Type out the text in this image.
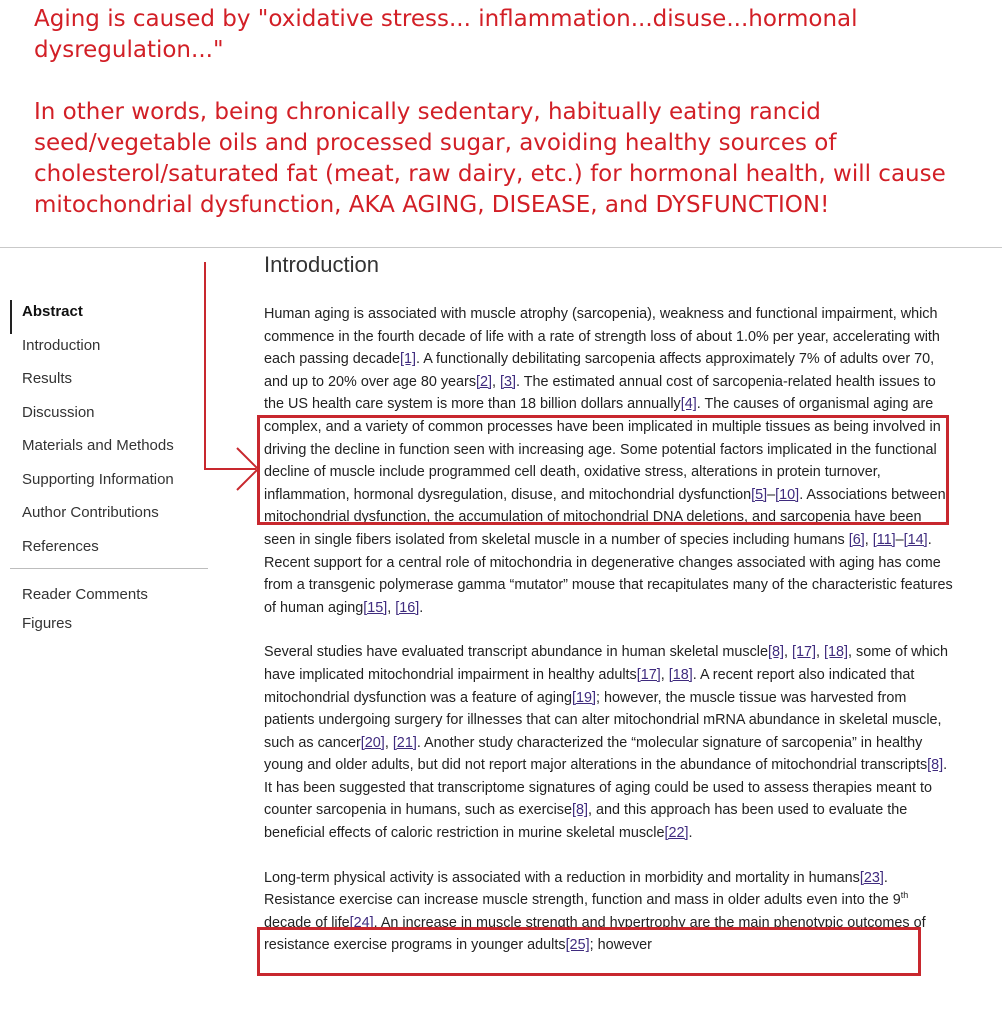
Aging is caused by "oxidative stress... inflammation...disuse...hormonal dysregulation..."

In other words, being chronically sedentary, habitually eating rancid seed/vegetable oils and processed sugar, avoiding healthy sources of cholesterol/saturated fat (meat, raw dairy, etc.) for hormonal health, will cause mitochondrial dysfunction, AKA AGING, DISEASE, and DYSFUNCTION!

Abstract
Introduction
Results
Discussion
Materials and Methods
Supporting Information
Author Contributions
References
Reader Comments
Figures
Introduction

Human aging is associated with muscle atrophy (sarcopenia), weakness and functional impairment, which commence in the fourth decade of life with a rate of strength loss of about 1.0% per year, accelerating with each passing decade[1]. A functionally debilitating sarcopenia affects approximately 7% of adults over 70, and up to 20% over age 80 years[2], [3]. The estimated annual cost of sarcopenia-related health issues to the US health care system is more than 18 billion dollars annually[4]. The causes of organismal aging are complex, and a variety of common processes have been implicated in multiple tissues as being involved in driving the decline in function seen with increasing age. Some potential factors implicated in the functional decline of muscle include programmed cell death, oxidative stress, alterations in protein turnover, inflammation, hormonal dysregulation, disuse, and mitochondrial dysfunction[5]–[10]. Associations between mitochondrial dysfunction, the accumulation of mitochondrial DNA deletions, and sarcopenia have been seen in single fibers isolated from skeletal muscle in a number of species including humans [6], [11]–[14]. Recent support for a central role of mitochondria in degenerative changes associated with aging has come from a transgenic polymerase gamma “mutator” mouse that recapitulates many of the characteristic features of human aging[15], [16].

Several studies have evaluated transcript abundance in human skeletal muscle[8], [17], [18], some of which have implicated mitochondrial impairment in healthy adults[17], [18]. A recent report also indicated that mitochondrial dysfunction was a feature of aging[19]; however, the muscle tissue was harvested from patients undergoing surgery for illnesses that can alter mitochondrial mRNA abundance in skeletal muscle, such as cancer[20], [21]. Another study characterized the “molecular signature of sarcopenia” in healthy young and older adults, but did not report major alterations in the abundance of mitochondrial transcripts[8]. It has been suggested that transcriptome signatures of aging could be used to assess therapies meant to counter sarcopenia in humans, such as exercise[8], and this approach has been used to evaluate the beneficial effects of caloric restriction in murine skeletal muscle[22].

Long-term physical activity is associated with a reduction in morbidity and mortality in humans[23]. Resistance exercise can increase muscle strength, function and mass in older adults even into the 9th decade of life[24]. An increase in muscle strength and hypertrophy are the main phenotypic outcomes of resistance exercise programs in younger adults[25]; however
